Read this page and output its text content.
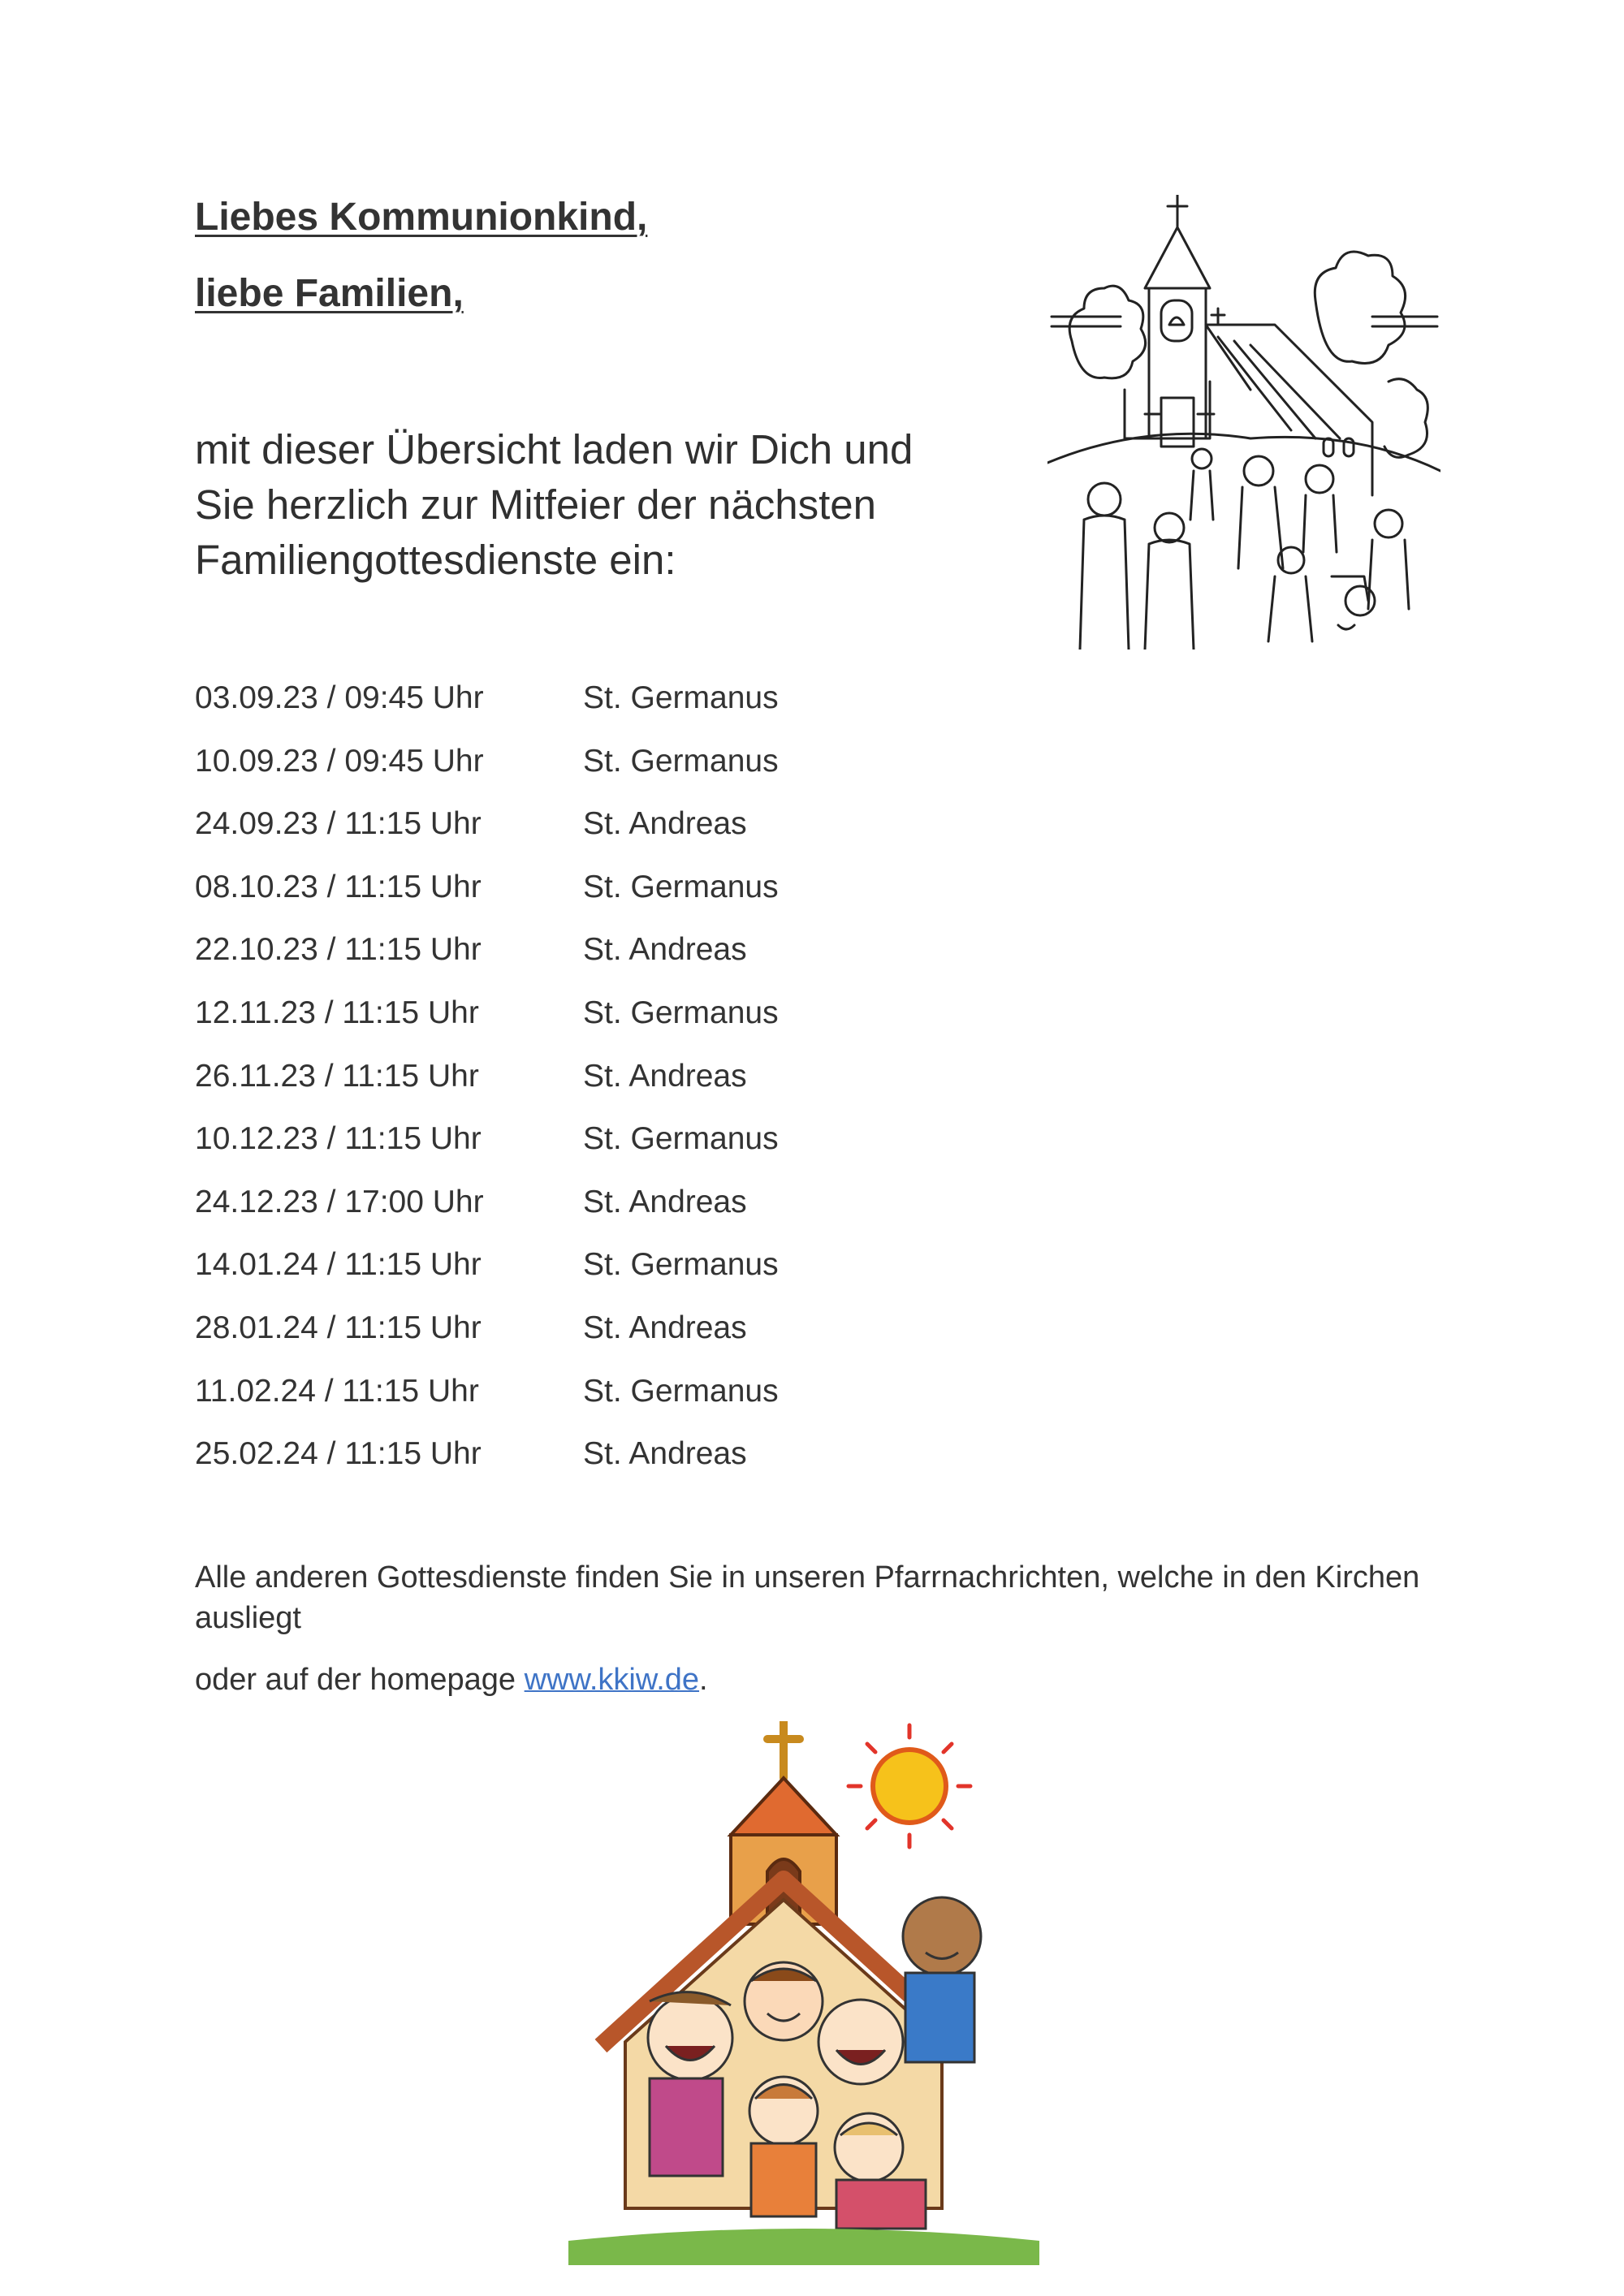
Liebes Kommunionkind,
liebe Familien,
mit dieser Übersicht laden wir Dich und
Sie herzlich zur Mitfeier der nächsten
Familiengottesdienste ein:
03.09.23 / 09:45 Uhr	St. Germanus
10.09.23 / 09:45 Uhr	St. Germanus
24.09.23 / 11:15 Uhr	St. Andreas
08.10.23 / 11:15 Uhr	St. Germanus
22.10.23 / 11:15 Uhr	St. Andreas
12.11.23 / 11:15 Uhr	St. Germanus
26.11.23 / 11:15 Uhr	St. Andreas
10.12.23 / 11:15 Uhr	St. Germanus
24.12.23 / 17:00 Uhr	St. Andreas
14.01.24 / 11:15 Uhr	St. Germanus
28.01.24 / 11:15 Uhr	St. Andreas
11.02.24 / 11:15 Uhr	St. Germanus
25.02.24 / 11:15 Uhr	St. Andreas

Alle anderen Gottesdienste finden Sie in unseren Pfarrnachrichten, welche in den Kirchen ausliegt

oder auf der homepage www.kkiw.de.
